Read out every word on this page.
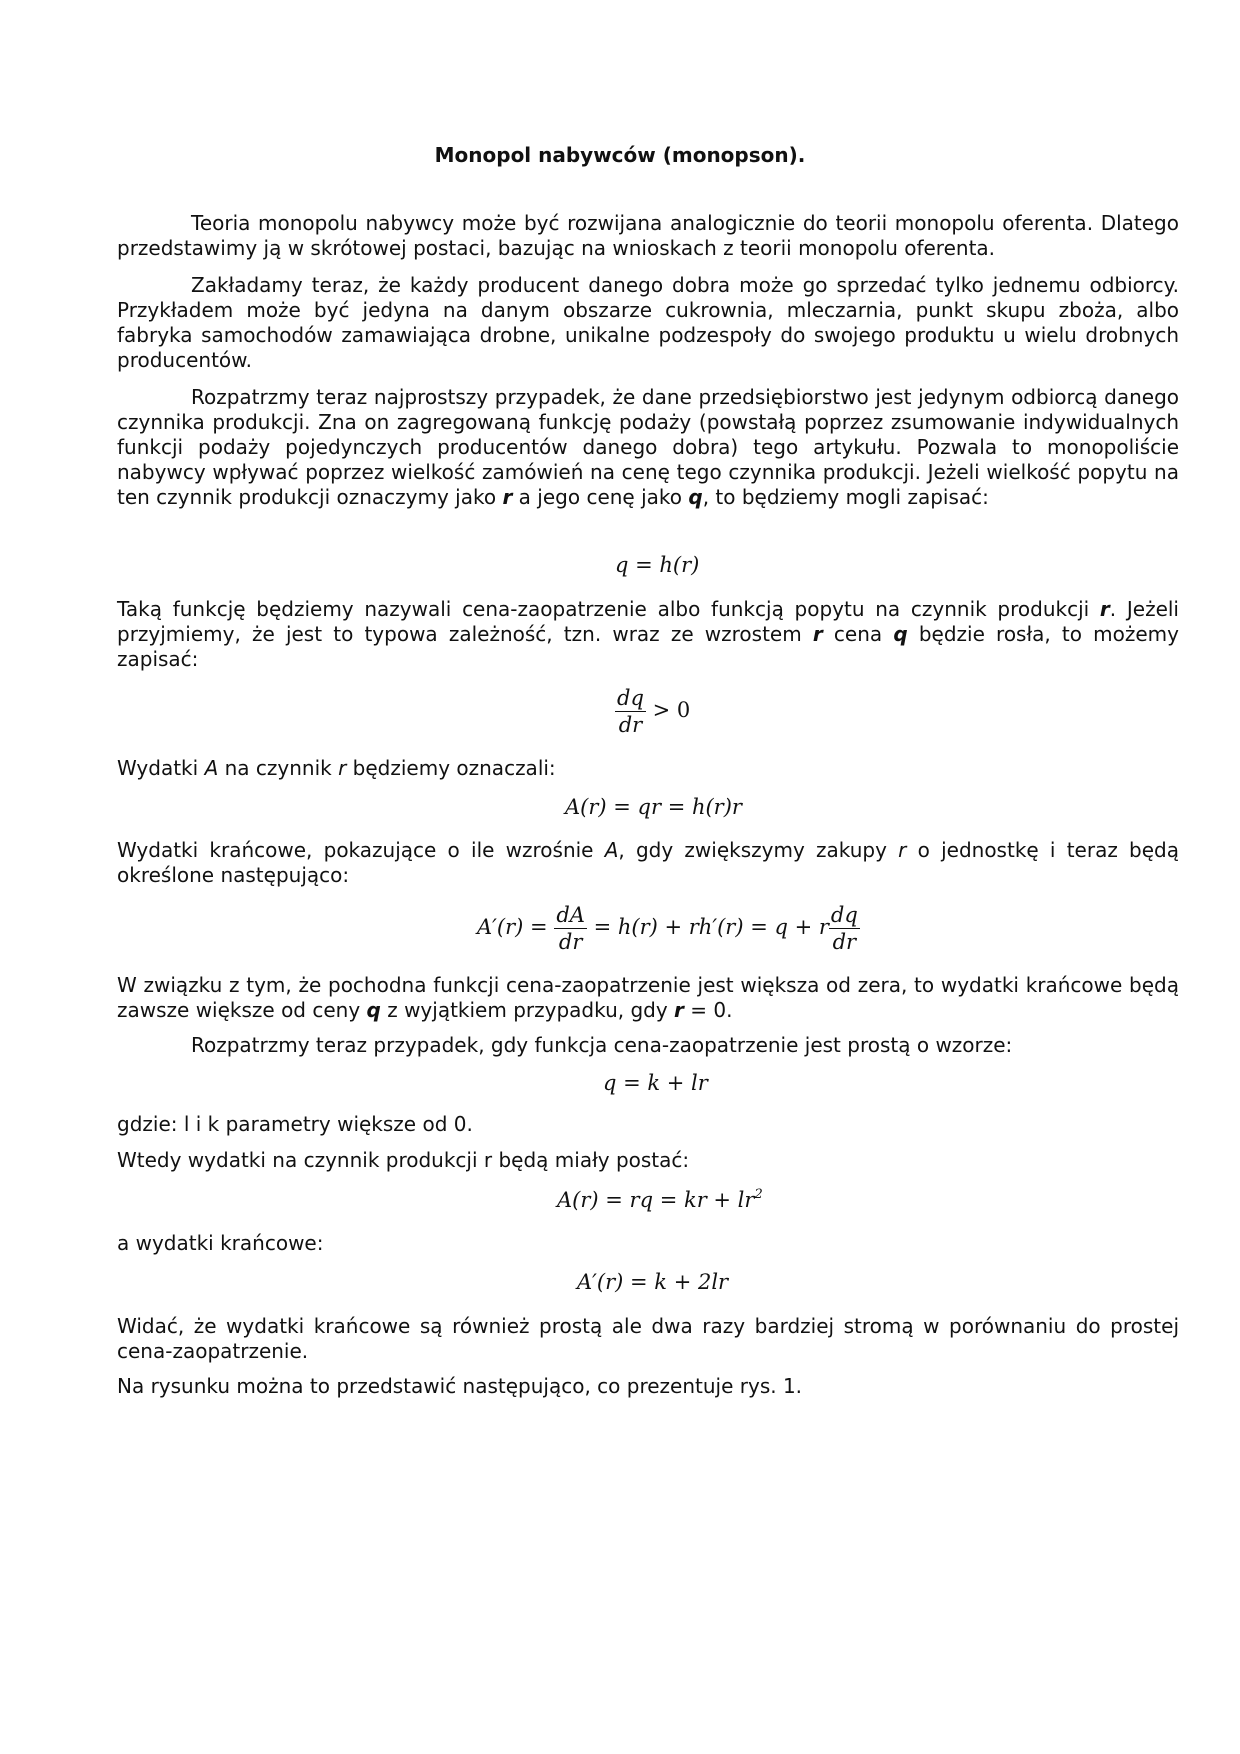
Monopol nabywców (monopson).

Teoria monopolu nabywcy może być rozwijana analogicznie do teorii monopolu oferenta. Dlatego przedstawimy ją w skrótowej postaci, bazując na wnioskach z teorii monopolu oferenta.

Zakładamy teraz, że każdy producent danego dobra może go sprzedać tylko jednemu odbiorcy. Przykładem może być jedyna na danym obszarze cukrownia, mleczarnia, punkt skupu zboża, albo fabryka samochodów zamawiająca drobne, unikalne podzespoły do swojego produktu u wielu drobnych producentów.

Rozpatrzmy teraz najprostszy przypadek, że dane przedsiębiorstwo jest jedynym odbiorcą danego czynnika produkcji. Zna on zagregowaną funkcję podaży (powstałą poprzez zsumowanie indywidualnych funkcji podaży pojedynczych producentów danego dobra) tego artykułu. Pozwala to monopoliście nabywcy wpływać poprzez wielkość zamówień na cenę tego czynnika produkcji. Jeżeli wielkość popytu na ten czynnik produkcji oznaczymy jako r a jego cenę jako q, to będziemy mogli zapisać:

q = h(r)

Taką funkcję będziemy nazywali cena-zaopatrzenie albo funkcją popytu na czynnik produkcji r. Jeżeli przyjmiemy, że jest to typowa zależność, tzn. wraz ze wzrostem r cena q będzie rosła, to możemy zapisać:

$\frac{dq}{dr} > 0$

Wydatki A na czynnik r będziemy oznaczali:

A(r) = qr = h(r)r

Wydatki krańcowe, pokazujące o ile wzrośnie A, gdy zwiększymy zakupy r o jednostkę i teraz będą określone następująco:

$A'(r) = \frac{dA}{dr} = h(r) + rh'(r) = q + r \frac{dq}{dr}$

W związku z tym, że pochodna funkcji cena-zaopatrzenie jest większa od zera, to wydatki krańcowe będą zawsze większe od ceny q z wyjątkiem przypadku, gdy r = 0.

Rozpatrzmy teraz przypadek, gdy funkcja cena-zaopatrzenie jest prostą o wzorze:

q = k + lr

gdzie: l i k parametry większe od 0.

Wtedy wydatki na czynnik produkcji r będą miały postać:

A(r) = rq = kr + $lr^2$

a wydatki krańcowe:

A′(r) = k + 2lr

Widać, że wydatki krańcowe są również prostą ale dwa razy bardziej stromą w porównaniu do prostej cena-zaopatrzenie.

Na rysunku można to przedstawić następująco, co prezentuje rys. 1.
